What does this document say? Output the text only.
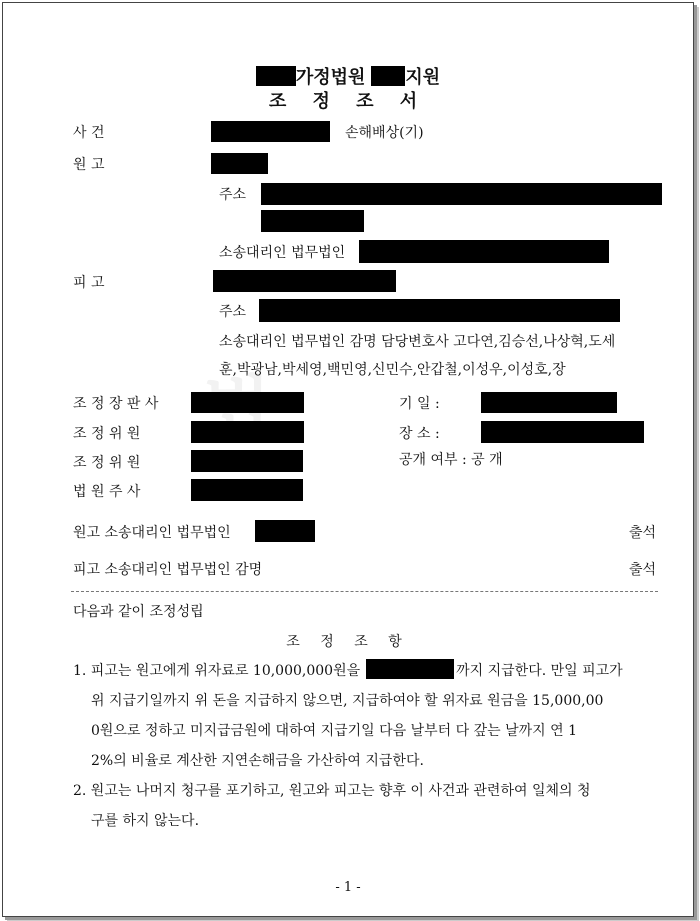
가정법원 지원
조 정 조 서
사 건	손해배상(기)
원 고
주소
소송대리인 법무법인
피 고
주소
소송대리인 법무법인 감명 담당변호사 고다연,김승선,나상혁,도세
훈,박광남,박세영,백민영,신민수,안갑철,이성우,이성호,장
조 정 장 판 사	기 일 :
조 정 위 원	장 소 :
조 정 위 원	공개 여부 : 공 개
법 원 주 사
원고 소송대리인 법무법인	출석
피고 소송대리인 법무법인 감명	출석
다음과 같이 조정성립
조 정 조 항
1. 피고는 원고에게 위자료로 10,000,000원을	까지 지급한다. 만일 피고가
위 지급기일까지 위 돈을 지급하지 않으면, 지급하여야 할 위자료 원금을 15,000,00
0원으로 정하고 미지급금원에 대하여 지급기일 다음 날부터 다 갚는 날까지 연 1
2%의 비율로 계산한 지연손해금을 가산하여 지급한다.
2. 원고는 나머지 청구를 포기하고, 원고와 피고는 향후 이 사건과 관련하여 일체의 청
구를 하지 않는다.
- 1 -
